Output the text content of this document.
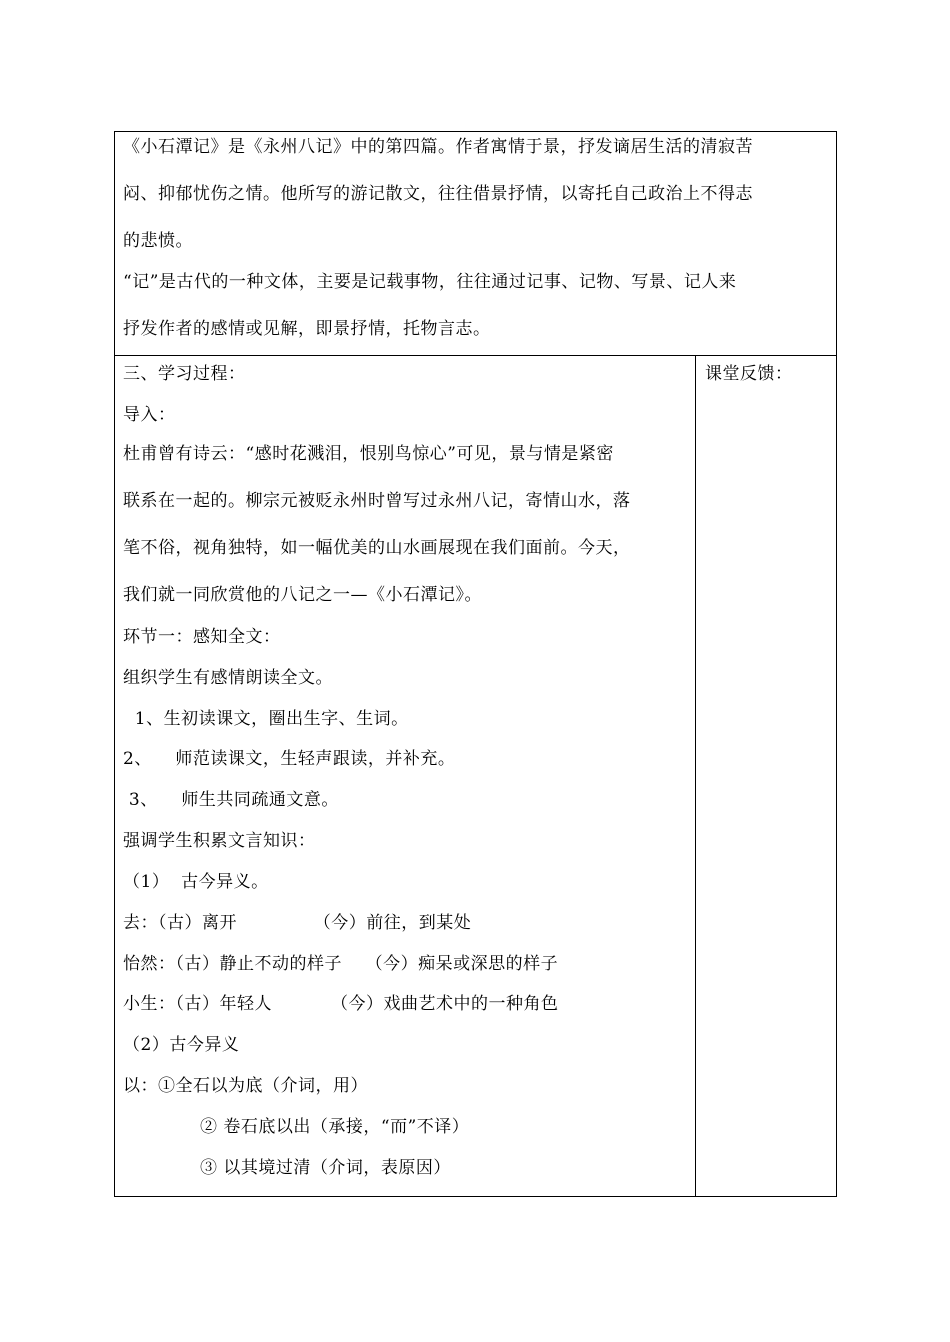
《小石潭记》是《永州八记》中的第四篇。作者寓情于景，抒发谪居生活的清寂苦
闷、抑郁忧伤之情。他所写的游记散文，往往借景抒情，以寄托自己政治上不得志
的悲愤。
“记”是古代的一种文体，主要是记载事物，往往通过记事、记物、写景、记人来
抒发作者的感情或见解，即景抒情，托物言志。
三、学习过程：
导入：
杜甫曾有诗云：“感时花溅泪，恨别鸟惊心”可见，景与情是紧密
联系在一起的。柳宗元被贬永州时曾写过永州八记，寄情山水，落
笔不俗，视角独特，如一幅优美的山水画展现在我们面前。今天，
我们就一同欣赏他的八记之一—《小石潭记》。
环节一：感知全文：
组织学生有感情朗读全文。
1、生初读课文，圈出生字、生词。
2、    师范读课文，生轻声跟读，并补充。
3、    师生共同疏通文意。
强调学生积累文言知识：
（1）  古今异义。
去：（古）离开             （今）前往，到某处
怡然：（古）静止不动的样子    （今）痴呆或深思的样子
小生：（古）年轻人          （今）戏曲艺术中的一种角色
（2）古今异义
以：①全石以为底（介词，用）
② 卷石底以出（承接，“而”不译）
③ 以其境过清（介词，表原因）
课堂反馈：
